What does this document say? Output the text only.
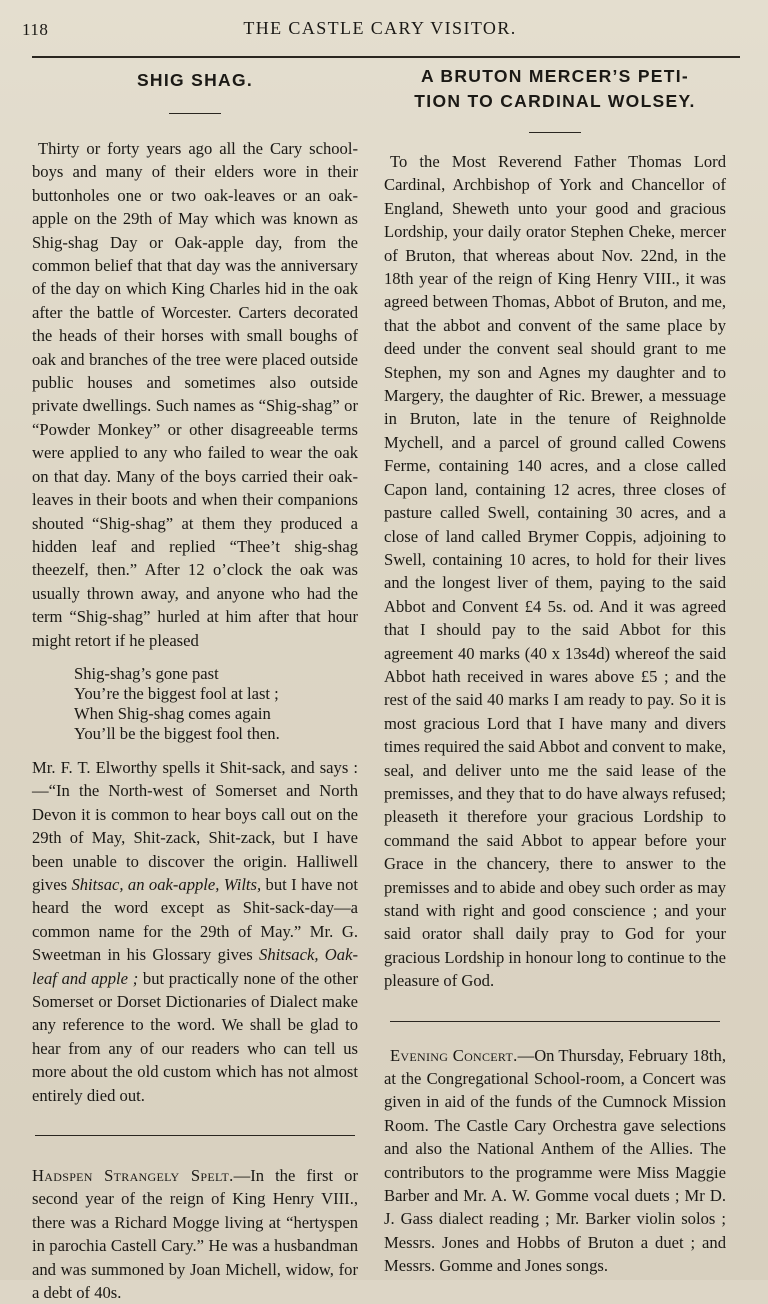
118	THE CASTLE CARY VISITOR.
SHIG SHAG.

Thirty or forty years ago all the Cary school-boys and many of their elders wore in their buttonholes one or two oak-leaves or an oak-apple on the 29th of May which was known as Shig-shag Day or Oak-apple day, from the common belief that that day was the anniversary of the day on which King Charles hid in the oak after the battle of Worcester. Carters decorated the heads of their horses with small boughs of oak and branches of the tree were placed outside public houses and sometimes also outside private dwellings. Such names as “Shig-shag” or “Powder Monkey” or other disagreeable terms were applied to any who failed to wear the oak on that day. Many of the boys carried their oak-leaves in their boots and when their companions shouted “Shig-shag” at them they produced a hidden leaf and replied “Thee’t shig-shag theezelf, then.” After 12 o’clock the oak was usually thrown away, and anyone who had the term “Shig-shag” hurled at him after that hour might retort if he pleased

Shig-shag’s gone past
You’re the biggest fool at last ;
When Shig-shag comes again
You’ll be the biggest fool then.

Mr. F. T. Elworthy spells it Shit-sack, and says :—“In the North-west of Somerset and North Devon it is common to hear boys call out on the 29th of May, Shit-zack, Shit-zack, but I have been unable to discover the origin. Halliwell gives Shitsac, an oak-apple, Wilts, but I have not heard the word except as Shit-sack-day—a common name for the 29th of May.” Mr. G. Sweetman in his Glossary gives Shitsack, Oak-leaf and apple ; but practically none of the other Somerset or Dorset Dictionaries of Dialect make any reference to the word. We shall be glad to hear from any of our readers who can tell us more about the old custom which has not almost entirely died out.

Hadspen Strangely Spelt.—In the first or second year of the reign of King Henry VIII., there was a Richard Mogge living at “hertyspen in parochia Castell Cary.” He was a husbandman and was summoned by Joan Michell, widow, for a debt of 40s.

A BRUTON MERCER’S PETI-
TION TO CARDINAL WOLSEY.

To the Most Reverend Father Thomas Lord Cardinal, Archbishop of York and Chancellor of England, Sheweth unto your good and gracious Lordship, your daily orator Stephen Cheke, mercer of Bruton, that whereas about Nov. 22nd, in the 18th year of the reign of King Henry VIII., it was agreed between Thomas, Abbot of Bruton, and me, that the abbot and convent of the same place by deed under the convent seal should grant to me Stephen, my son and Agnes my daughter and to Margery, the daughter of Ric. Brewer, a messuage in Bruton, late in the tenure of Reighnolde Mychell, and a parcel of ground called Cowens Ferme, containing 140 acres, and a close called Capon land, containing 12 acres, three closes of pasture called Swell, containing 30 acres, and a close of land called Brymer Coppis, adjoining to Swell, containing 10 acres, to hold for their lives and the longest liver of them, paying to the said Abbot and Convent £4 5s. od. And it was agreed that I should pay to the said Abbot for this agreement 40 marks (40 x 13s4d) whereof the said Abbot hath received in wares above £5 ; and the rest of the said 40 marks I am ready to pay. So it is most gracious Lord that I have many and divers times required the said Abbot and convent to make, seal, and deliver unto me the said lease of the premisses, and they that to do have always refused; pleaseth it therefore your gracious Lordship to command the said Abbot to appear before your Grace in the chancery, there to answer to the premisses and to abide and obey such order as may stand with right and good conscience ; and your said orator shall daily pray to God for your gracious Lordship in honour long to continue to the pleasure of God.

Evening Concert.—On Thursday, February 18th, at the Congregational School-room, a Concert was given in aid of the funds of the Cumnock Mission Room. The Castle Cary Orchestra gave selections and also the National Anthem of the Allies. The contributors to the programme were Miss Maggie Barber and Mr. A. W. Gomme vocal duets ; Mr D. J. Gass dialect reading ; Mr. Barker violin solos ; Messrs. Jones and Hobbs of Bruton a duet ; and Messrs. Gomme and Jones songs.
